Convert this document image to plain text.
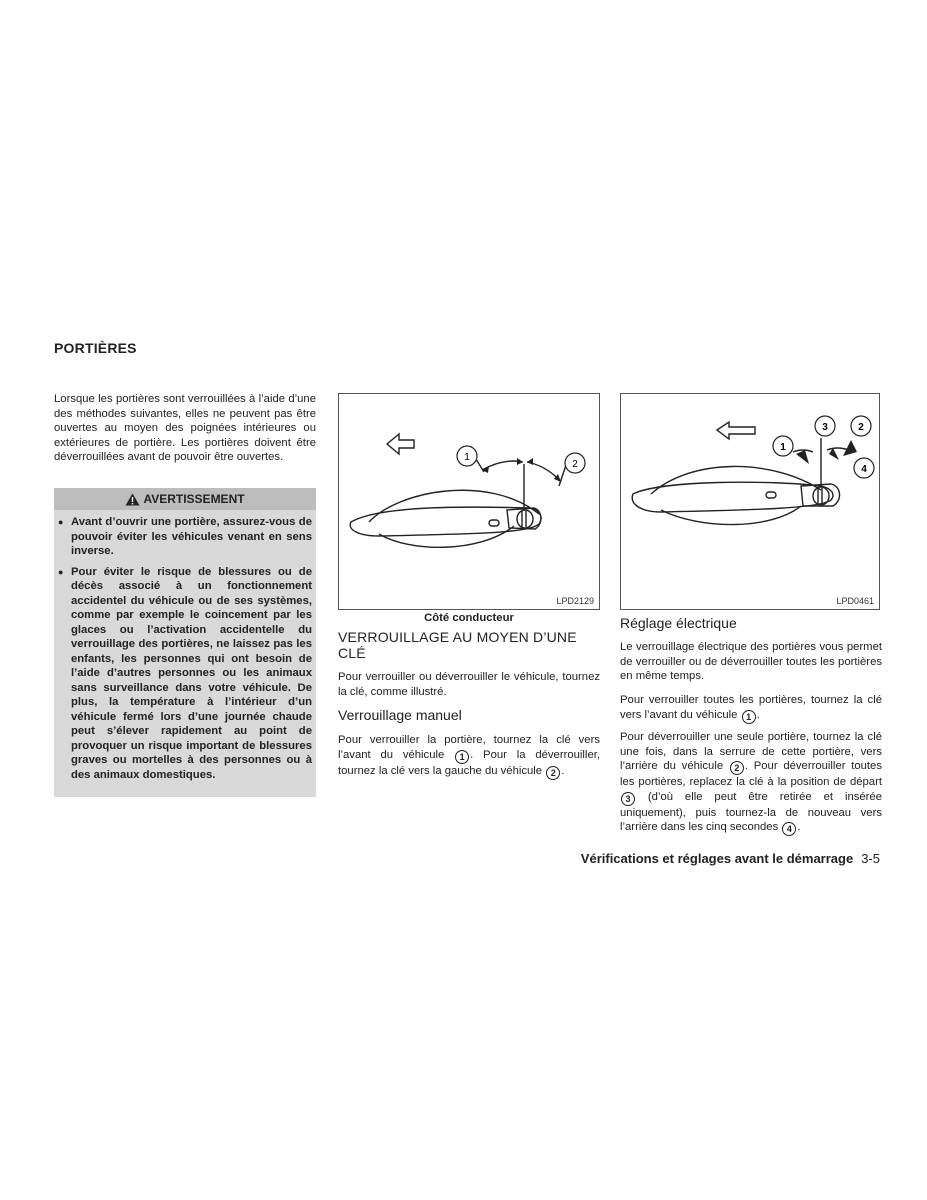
PORTIÈRES
Lorsque les portières sont verrouillées à l’aide d’une des méthodes suivantes, elles ne peuvent pas être ouvertes au moyen des poignées intérieures ou extérieures de portière. Les portières doivent être déverrouillées avant de pouvoir être ouvertes.
AVERTISSEMENT
● Avant d’ouvrir une portière, assurez-vous de pouvoir éviter les véhicules venant en sens inverse.
● Pour éviter le risque de blessures ou de décès associé à un fonctionnement accidentel du véhicule ou de ses systèmes, comme par exemple le coincement par les glaces ou l’activation accidentelle du verrouillage des portières, ne laissez pas les enfants, les personnes qui ont besoin de l’aide d’autres personnes ou les animaux sans surveillance dans votre véhicule. De plus, la température à l’intérieur d’un véhicule fermé lors d’une journée chaude peut s’élever rapidement au point de provoquer un risque important de blessures graves ou mortelles à des personnes ou à des animaux domestiques.
1
2
LPD2129
Côté conducteur
1
2
3
4
LPD0461
VERROUILLAGE AU MOYEN D’UNE CLÉ
Pour verrouiller ou déverrouiller le véhicule, tournez la clé, comme illustré.
Verrouillage manuel
Pour verrouiller la portière, tournez la clé vers l’avant du véhicule 1 . Pour la déverrouiller, tournez la clé vers la gauche du véhicule 2 .
Réglage électrique
Le verrouillage électrique des portières vous permet de verrouiller ou de déverrouiller toutes les portières en même temps.
Pour verrouiller toutes les portières, tournez la clé vers l’avant du véhicule 1 .
Pour déverrouiller une seule portière, tournez la clé une fois, dans la serrure de cette portière, vers l’arrière du véhicule 2 . Pour déverrouiller toutes les portières, replacez la clé à la position de départ 3 (d’où elle peut être retirée et insérée uniquement), puis tournez-la de nouveau vers l’arrière dans les cinq secondes 4 .
Vérifications et réglages avant le démarrage 3-5
